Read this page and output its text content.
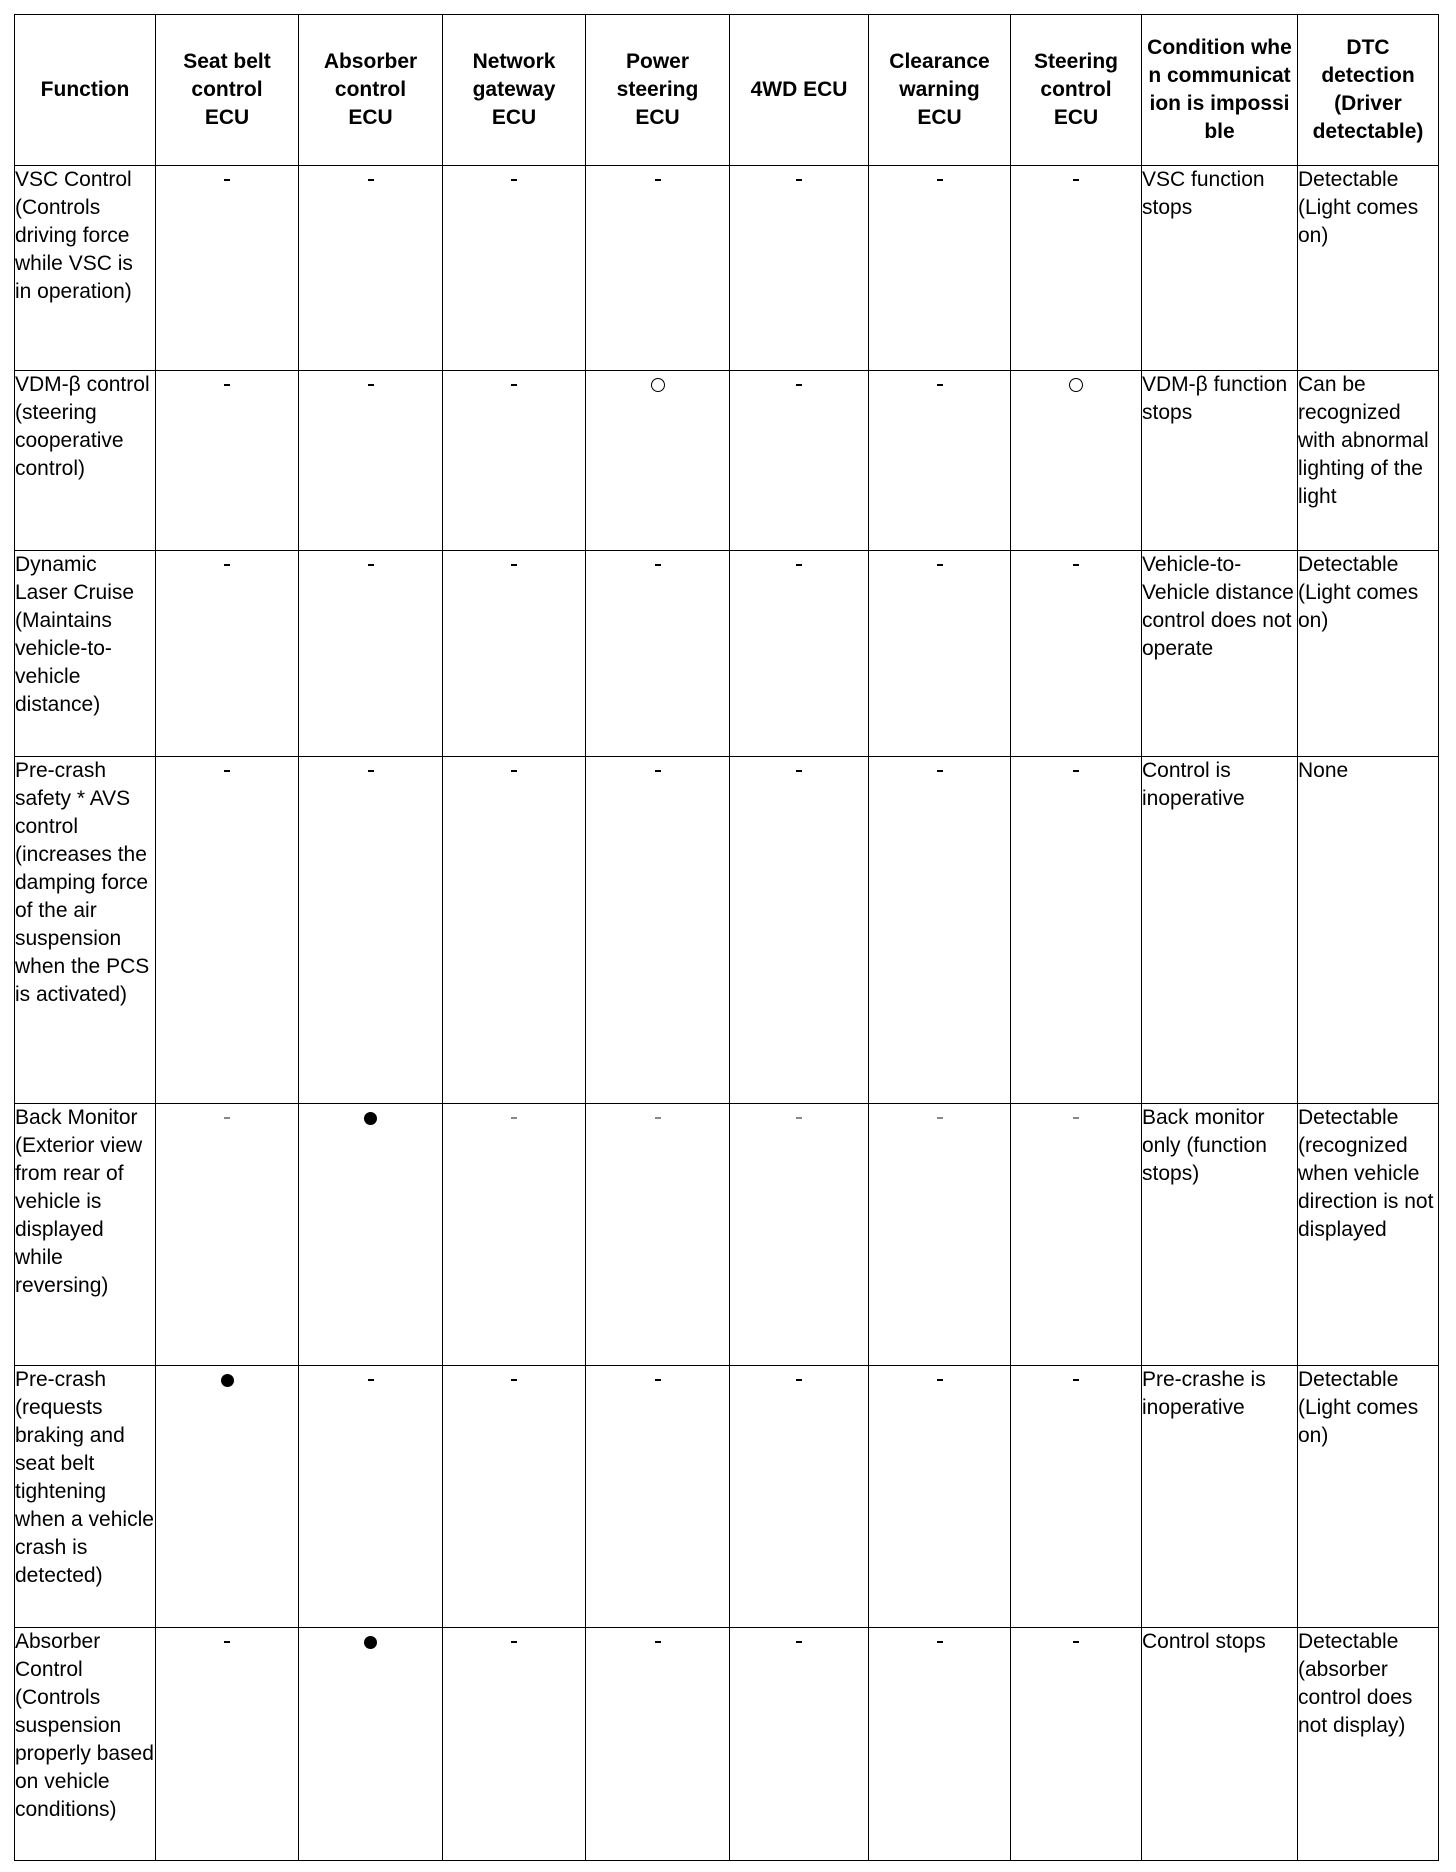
Function	Seat belt control ECU	Absorber control ECU	Network gateway ECU	Power steering ECU	4WD ECU	Clearance warning ECU	Steering control ECU	Condition when communicat ion is impossible	DTC detection (Driver detectable)
VSC Control (Controls driving force while VSC is in operation)								VSC function stops	Detectable (Light comes on)
VDM-β control (steering cooperative control)								VDM-β function stops	Can be recognized with abnormal lighting of the light
Dynamic Laser Cruise (Maintains vehicle-to-vehicle distance)								Vehicle-to-Vehicle distance control does not operate	Detectable (Light comes on)
Pre-crash safety * AVS control (increases the damping force of the air suspension when the PCS is activated)								Control is inoperative	None
Back Monitor (Exterior view from rear of vehicle is displayed while reversing)								Back monitor only (function stops)	Detectable (recognized when vehicle direction is not displayed
Pre-crash (requests braking and seat belt tightening when a vehicle crash is detected)								Pre-crashe is inoperative	Detectable (Light comes on)
Absorber Control (Controls suspension properly based on vehicle conditions)								Control stops	Detectable (absorber control does not display)
